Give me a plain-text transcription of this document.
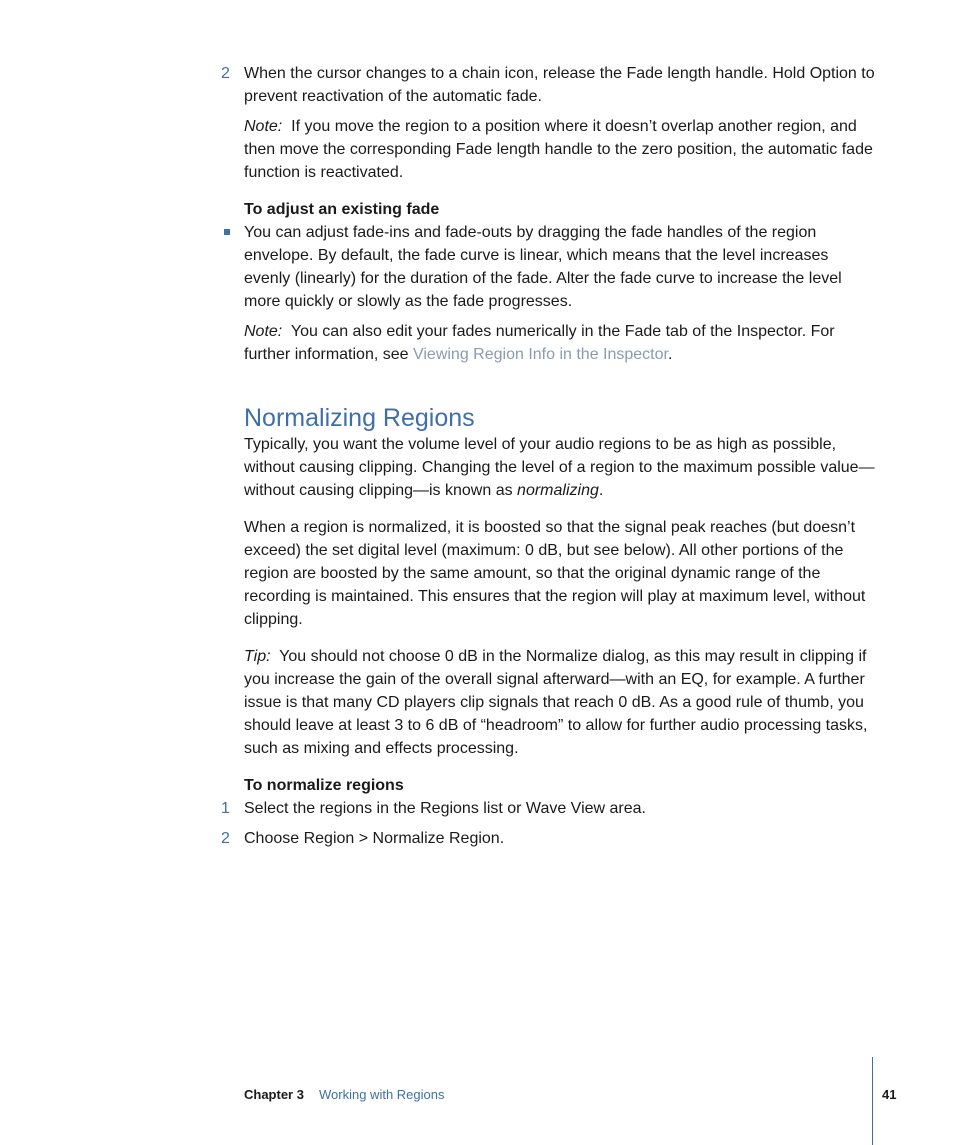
2 When the cursor changes to a chain icon, release the Fade length handle. Hold Option to prevent reactivation of the automatic fade.
Note: If you move the region to a position where it doesn’t overlap another region, and then move the corresponding Fade length handle to the zero position, the automatic fade function is reactivated.
To adjust an existing fade
You can adjust fade-ins and fade-outs by dragging the fade handles of the region envelope. By default, the fade curve is linear, which means that the level increases evenly (linearly) for the duration of the fade. Alter the fade curve to increase the level more quickly or slowly as the fade progresses.
Note: You can also edit your fades numerically in the Fade tab of the Inspector. For further information, see Viewing Region Info in the Inspector.
Normalizing Regions
Typically, you want the volume level of your audio regions to be as high as possible, without causing clipping. Changing the level of a region to the maximum possible value—without causing clipping—is known as normalizing.
When a region is normalized, it is boosted so that the signal peak reaches (but doesn’t exceed) the set digital level (maximum: 0 dB, but see below). All other portions of the region are boosted by the same amount, so that the original dynamic range of the recording is maintained. This ensures that the region will play at maximum level, without clipping.
Tip: You should not choose 0 dB in the Normalize dialog, as this may result in clipping if you increase the gain of the overall signal afterward—with an EQ, for example. A further issue is that many CD players clip signals that reach 0 dB. As a good rule of thumb, you should leave at least 3 to 6 dB of “headroom” to allow for further audio processing tasks, such as mixing and effects processing.
To normalize regions
1 Select the regions in the Regions list or Wave View area.
2 Choose Region > Normalize Region.
Chapter 3 Working with Regions	41
